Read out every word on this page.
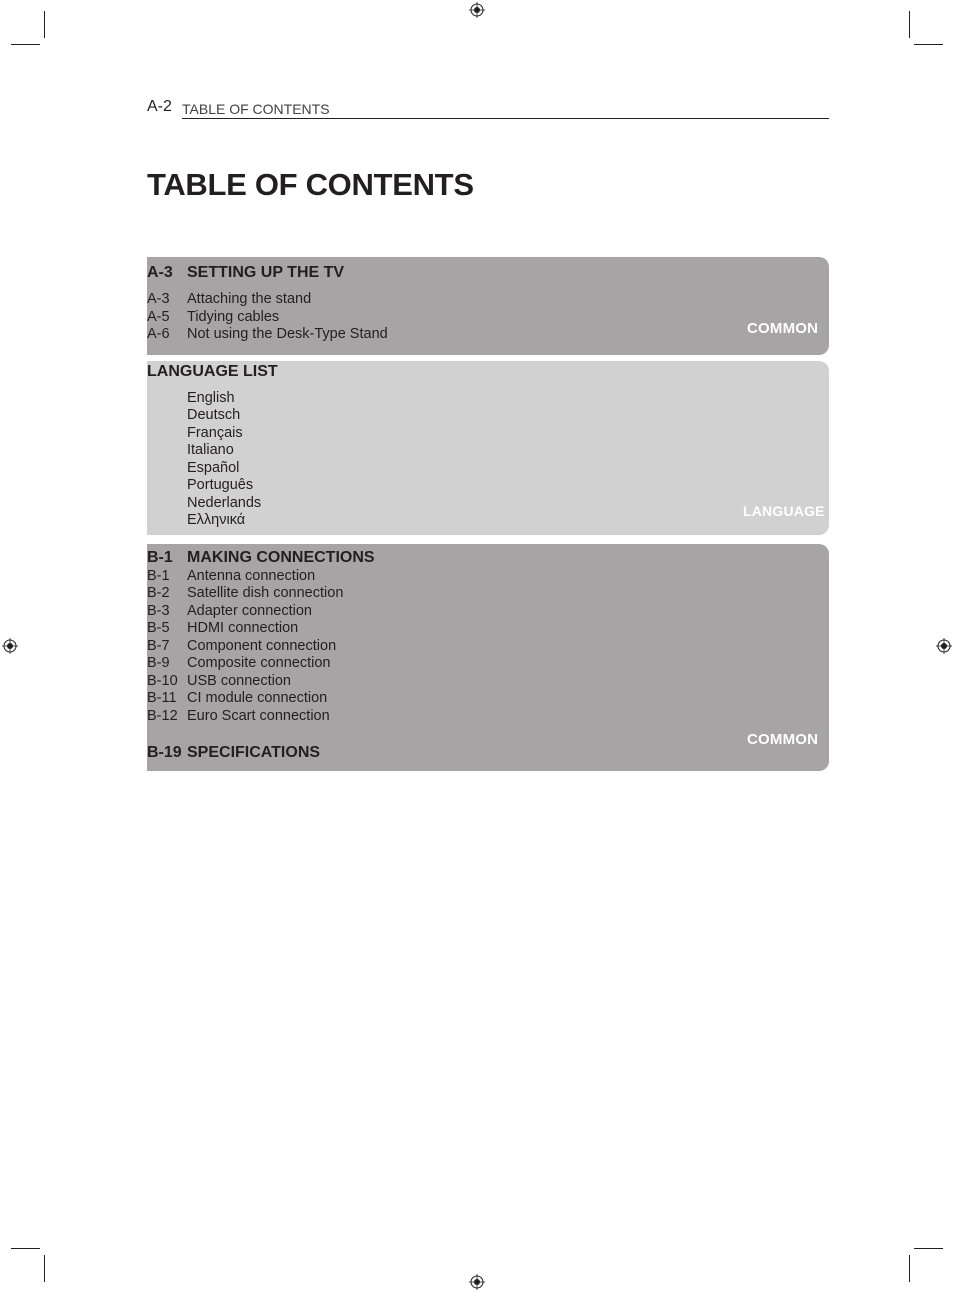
A-2 TABLE OF CONTENTS
TABLE OF CONTENTS
A-3 SETTING UP THE TV
A-3 Attaching the stand
A-5 Tidying cables
A-6 Not using the Desk-Type Stand	COMMON
LANGUAGE LIST
English
Deutsch
Français
Italiano
Español
Português
Nederlands
Ελληνικά
LANGUAGE
B-1 MAKING CONNECTIONS
B-1 Antenna connection
B-2 Satellite dish connection
B-3 Adapter connection
B-5 HDMI connection
B-7 Component connection
B-9 Composite connection
B-10 USB connection
B-11 CI module connection
B-12 Euro Scart connection
B-19 SPECIFICATIONS
COMMON
